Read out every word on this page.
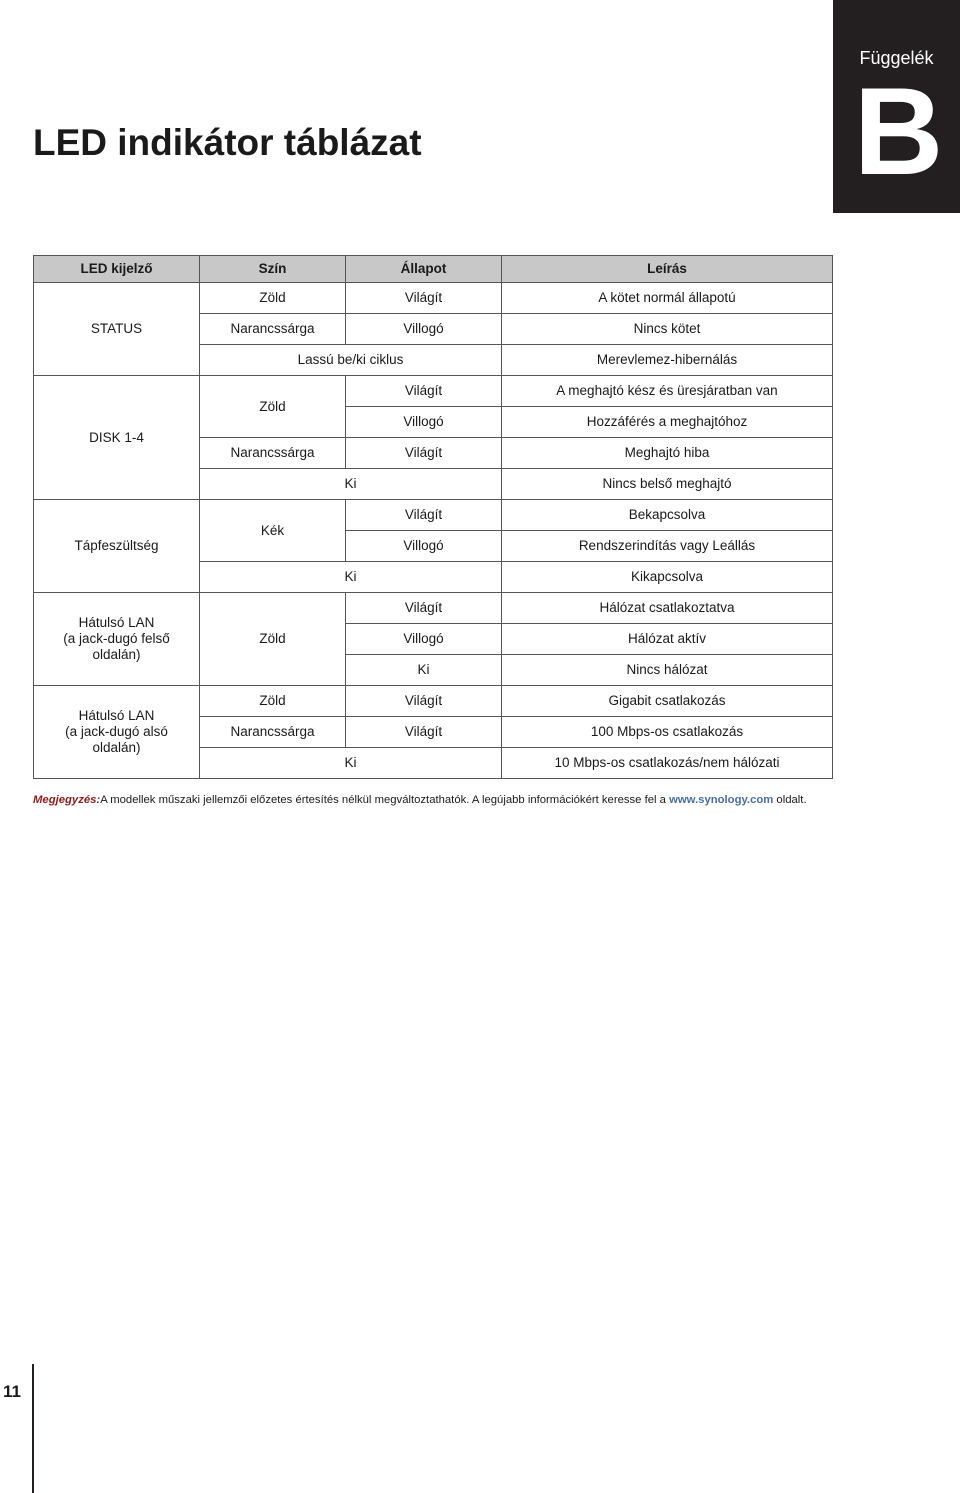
Függelék
B
LED indikátor táblázat
LED kijelző	Szín	Állapot	Leírás
STATUS	Zöld	Világít	A kötet normál állapotú
	Narancssárga	Villogó	Nincs kötet
	Lassú be/ki ciklus		Merevlemez-hibernálás
DISK 1-4	Zöld	Világít	A meghajtó kész és üresjáratban van
		Villogó	Hozzáférés a meghajtóhoz
	Narancssárga	Világít	Meghajtó hiba
	Ki		Nincs belső meghajtó
Tápfeszültség	Kék	Világít	Bekapcsolva
		Villogó	Rendszerindítás vagy Leállás
	Ki		Kikapcsolva
Hátulsó LAN
(a jack-dugó felső
oldalán)	Zöld	Világít	Hálózat csatlakoztatva
		Villogó	Hálózat aktív
		Ki	Nincs hálózat
Hátulsó LAN
(a jack-dugó alsó
oldalán)	Zöld	Világít	Gigabit csatlakozás
	Narancssárga	Világít	100 Mbps-os csatlakozás
	Ki		10 Mbps-os csatlakozás/nem hálózati
Megjegyzés:A modellek műszaki jellemzői előzetes értesítés nélkül megváltoztathatók. A legújabb információkért keresse fel a www.synology.com oldalt.
11
